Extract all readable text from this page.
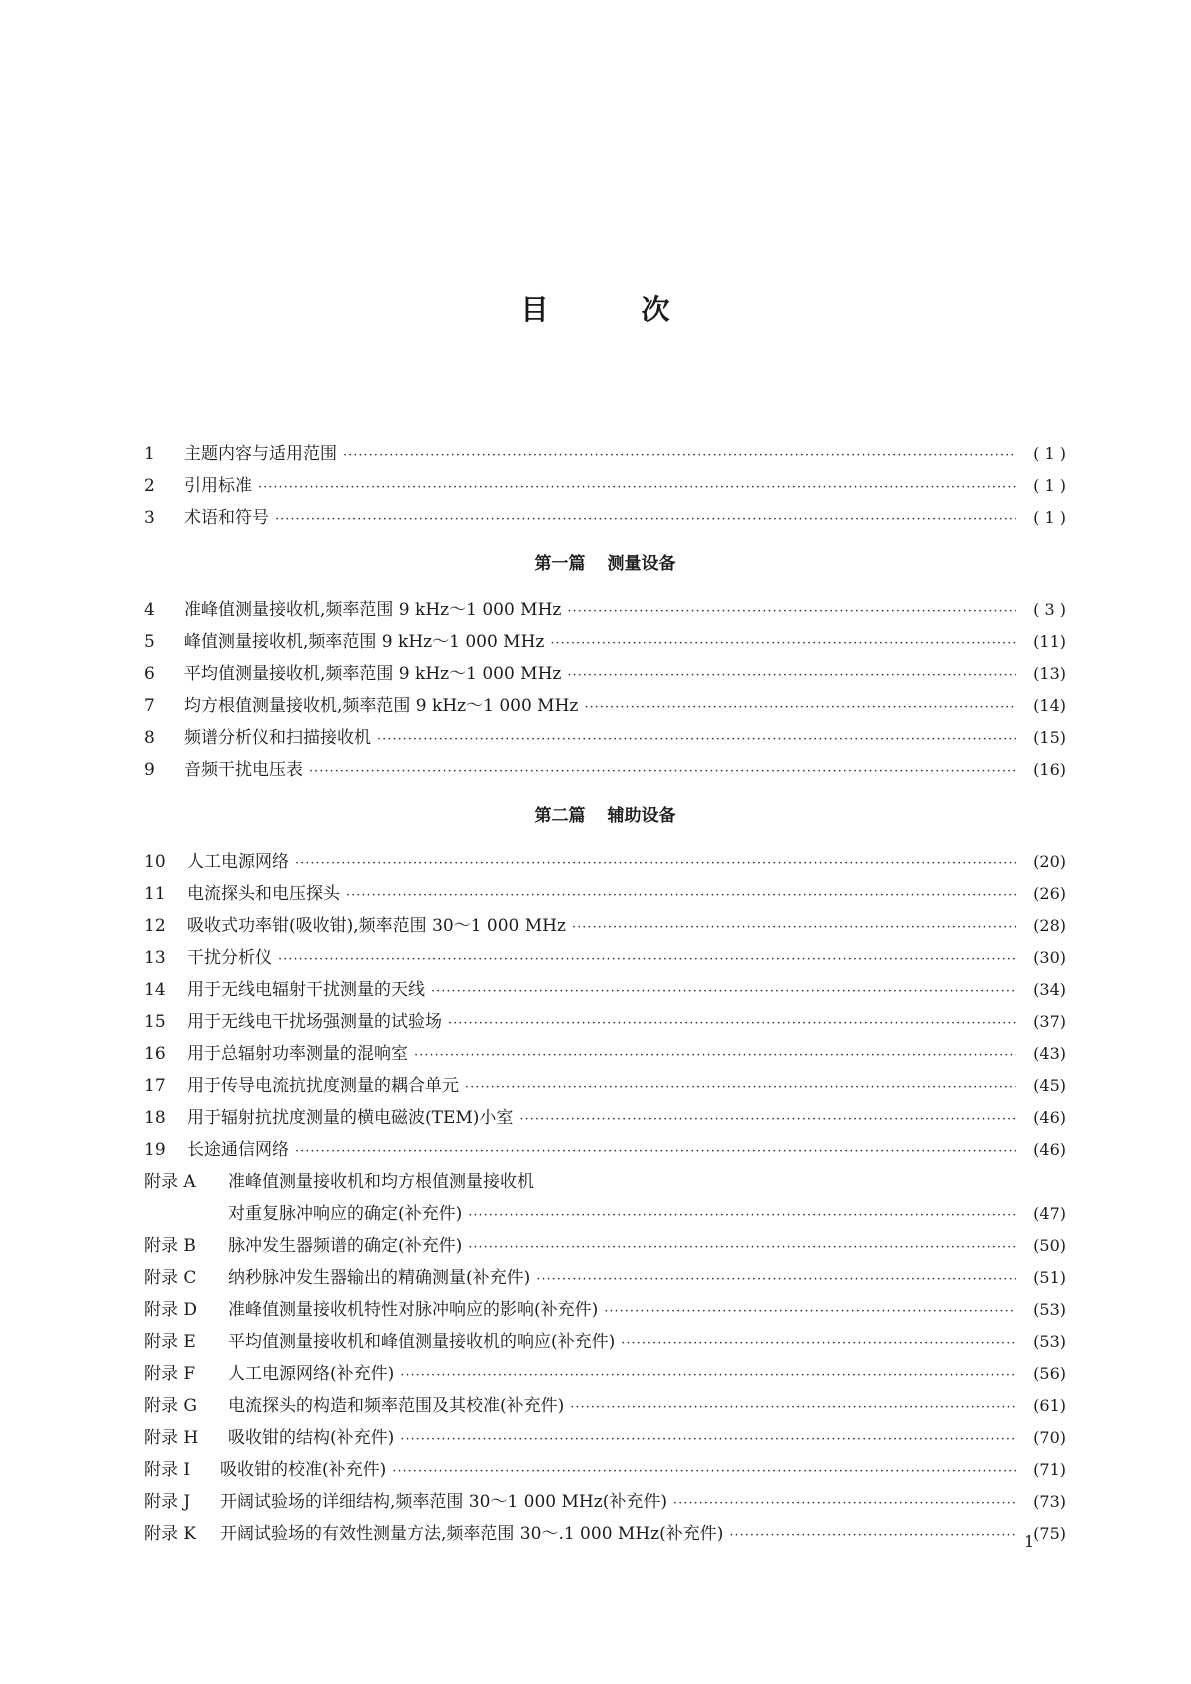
目	次
1	主题内容与适用范围 ·····	( 1 )
2	引用标准 ·····	( 1 )
3	术语和符号 ·····	( 1 )
第一篇 测量设备
4	准峰值测量接收机,频率范围 9 kHz～1 000 MHz ·····	( 3 )
5	峰值测量接收机,频率范围 9 kHz～1 000 MHz ·····	(11)
6	平均值测量接收机,频率范围 9 kHz～1 000 MHz ·····	(13)
7	均方根值测量接收机,频率范围 9 kHz～1 000 MHz ·····	(14)
8	频谱分析仪和扫描接收机 ·····	(15)
9	音频干扰电压表 ·····	(16)
第二篇 辅助设备
10	人工电源网络 ·····	(20)
11	电流探头和电压探头 ·····	(26)
12	吸收式功率钳(吸收钳),频率范围 30～1 000 MHz ·····	(28)
13	干扰分析仪 ·····	(30)
14	用于无线电辐射干扰测量的天线 ·····	(34)
15	用于无线电干扰场强测量的试验场 ·····	(37)
16	用于总辐射功率测量的混响室 ·····	(43)
17	用于传导电流抗扰度测量的耦合单元 ·····	(45)
18	用于辐射抗扰度测量的横电磁波(TEM)小室 ·····	(46)
19	长途通信网络 ·····	(46)
附录 A	准峰值测量接收机和均方根值测量接收机
对重复脉冲响应的确定(补充件) ·····	(47)
附录 B	脉冲发生器频谱的确定(补充件) ·····	(50)
附录 C	纳秒脉冲发生器输出的精确测量(补充件) ·····	(51)
附录 D	准峰值测量接收机特性对脉冲响应的影响(补充件) ·····	(53)
附录 E	平均值测量接收机和峰值测量接收机的响应(补充件) ·····	(53)
附录 F	人工电源网络(补充件) ·····	(56)
附录 G	电流探头的构造和频率范围及其校准(补充件) ·····	(61)
附录 H	吸收钳的结构(补充件) ·····	(70)
附录 I	吸收钳的校准(补充件) ·····	(71)
附录 J	开阔试验场的详细结构,频率范围 30～1 000 MHz(补充件) ·····	(73)
附录 K	开阔试验场的有效性测量方法,频率范围 30～.1 000 MHz(补充件) ·····	(75)
1
